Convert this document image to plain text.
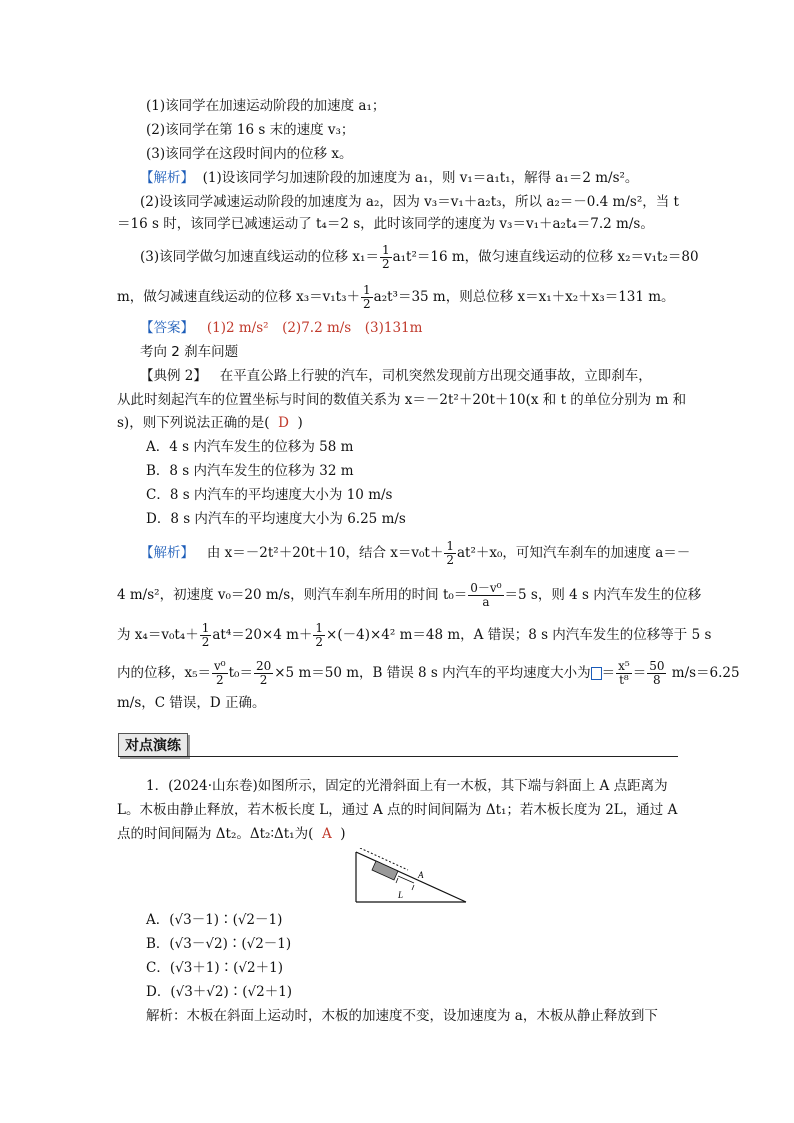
(1)该同学在加速运动阶段的加速度 a₁；
(2)该同学在第 16 s 末的速度 v₃；
(3)该同学在这段时间内的位移 x。
【解析】 (1)设该同学匀加速阶段的加速度为 a₁，则 v₁＝a₁t₁，解得 a₁＝2 m/s²。
(2)设该同学减速运动阶段的加速度为 a₂，因为 v₃＝v₁＋a₂t₃，所以 a₂＝－0.4 m/s²，当 t
＝16 s 时，该同学已减速运动了 t₄＝2 s，此时该同学的速度为 v₃＝v₁＋a₂t₄＝7.2 m/s。
(3)该同学做匀加速直线运动的位移 $x_1= \frac{1}{2} a_1t^2=16$ m，做匀速直线运动的位移 x₂＝v₁t₂＝80
m，做匀减速直线运动的位移 $x_3=v_1t_3+ \frac{1}{2} a_2t^3=35$ m，则总位移 x＝x₁＋x₂＋x₃＝131 m。
【答案】 (1)2 m/s²　(2)7.2 m/s　(3)131m
考向 2 刹车问题
【典例 2】 在平直公路上行驶的汽车，司机突然发现前方出现交通事故，立即刹车，
从此时刻起汽车的位置坐标与时间的数值关系为 x＝－2t²＋20t＋10(x 和 t 的单位分别为 m 和
s)，则下列说法正确的是( D )
A．4 s 内汽车发生的位移为 58 m
B．8 s 内汽车发生的位移为 32 m
C．8 s 内汽车的平均速度大小为 10 m/s
D．8 s 内汽车的平均速度大小为 6.25 m/s
【解析】 由 x＝－2t²＋20t＋10，结合 $x=v_0t+ \frac{1}{2} at^2+x_0$，可知汽车刹车的加速度 a＝－
4 m/s²，初速度 v₀＝20 m/s，则汽车刹车所用的时间 $t_0= \frac{\text{0－v⁰}}{a} =5$ s，则 4 s 内汽车发生的位移
为 $x_4=v_0t_4+ \frac{1}{2} at^4=20\times 4$ $m+ \frac{1}{2} \times(-4)\times 4^2$ m＝48 m，A 错误；8 s 内汽车发生的位移等于 5 s
内的位移，$x_5= \frac{\text{v⁰}}{2} t_0= \frac{20}{2} \times 5$ m＝50 m，B 错误 8 s 内汽车的平均速度大小为 ＝ $\frac{\text{x⁵}}{\text{t⁸}} = \frac{50}{8} m/s=6.25$
m/s，C 错误，D 正确。
对点演练
1．(2024·山东卷)如图所示，固定的光滑斜面上有一木板，其下端与斜面上 A 点距离为
L。木板由静止释放，若木板长度 L，通过 A 点的时间间隔为 Δt₁；若木板长度为 2L，通过 A
点的时间间隔为 Δt₂。Δt₂∶Δt₁为( A )
A
L
A．(√3－1)∶(√2－1)
B．(√3－√2)∶(√2－1)
C．(√3＋1)∶(√2＋1)
D．(√3＋√2)∶(√2＋1)
解析：木板在斜面上运动时，木板的加速度不变，设加速度为 a，木板从静止释放到下
